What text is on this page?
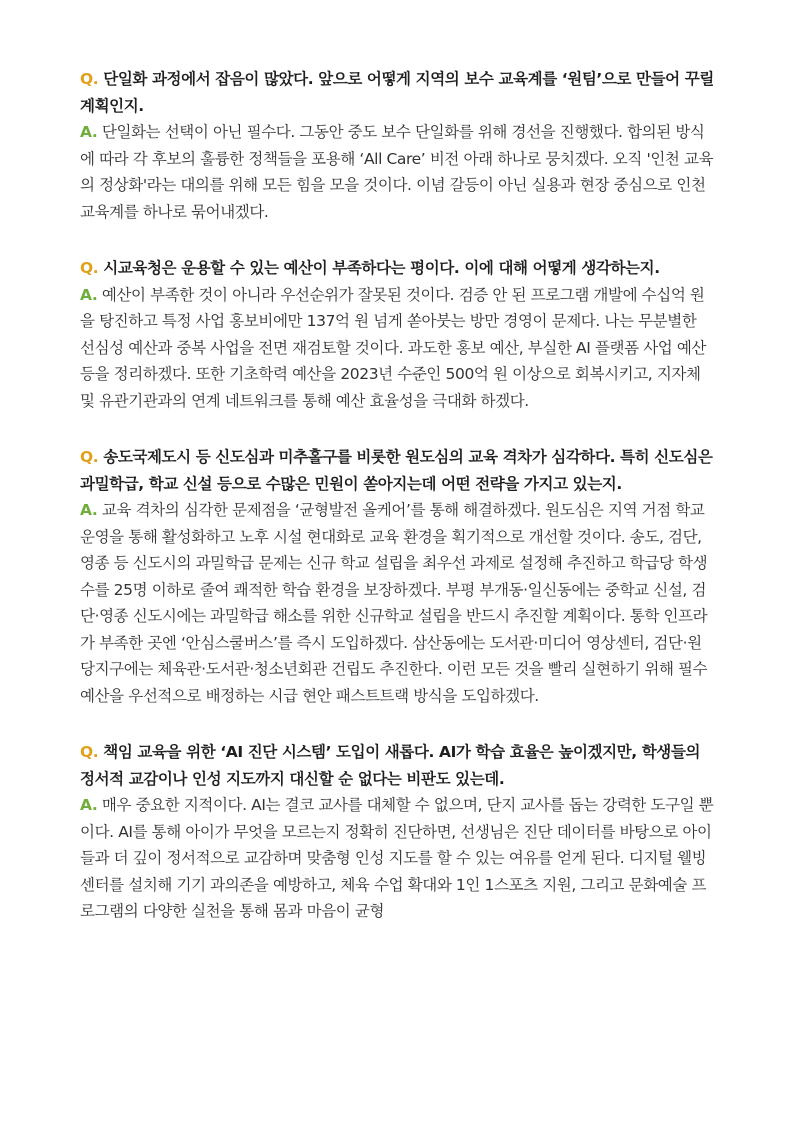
Q. 단일화 과정에서 잡음이 많았다. 앞으로 어떻게 지역의 보수 교육계를 ‘원팀’으로 만들어 꾸릴 계획인지.

A. 단일화는 선택이 아닌 필수다. 그동안 중도 보수 단일화를 위해 경선을 진행했다. 합의된 방식에 따라 각 후보의 훌륭한 정책들을 포용해 ‘All Care’ 비전 아래 하나로 뭉치겠다. 오직 '인천 교육의 정상화'라는 대의를 위해 모든 힘을 모을 것이다. 이념 갈등이 아닌 실용과 현장 중심으로 인천 교육계를 하나로 묶어내겠다.

Q. 시교육청은 운용할 수 있는 예산이 부족하다는 평이다. 이에 대해 어떻게 생각하는지.

A. 예산이 부족한 것이 아니라 우선순위가 잘못된 것이다. 검증 안 된 프로그램 개발에 수십억 원을 탕진하고 특정 사업 홍보비에만 137억 원 넘게 쏟아붓는 방만 경영이 문제다. 나는 무분별한 선심성 예산과 중복 사업을 전면 재검토할 것이다. 과도한 홍보 예산, 부실한 AI 플랫폼 사업 예산 등을 정리하겠다. 또한 기초학력 예산을 2023년 수준인 500억 원 이상으로 회복시키고, 지자체 및 유관기관과의 연계 네트워크를 통해 예산 효율성을 극대화 하겠다.

Q. 송도국제도시 등 신도심과 미추홀구를 비롯한 원도심의 교육 격차가 심각하다. 특히 신도심은 과밀학급, 학교 신설 등으로 수많은 민원이 쏟아지는데 어떤 전략을 가지고 있는지.

A. 교육 격차의 심각한 문제점을 ‘균형발전 올케어’를 통해 해결하겠다. 원도심은 지역 거점 학교 운영을 통해 활성화하고 노후 시설 현대화로 교육 환경을 획기적으로 개선할 것이다. 송도, 검단, 영종 등 신도시의 과밀학급 문제는 신규 학교 설립을 최우선 과제로 설정해 추진하고 학급당 학생 수를 25명 이하로 줄여 쾌적한 학습 환경을 보장하겠다. 부평 부개동·일신동에는 중학교 신설, 검단·영종 신도시에는 과밀학급 해소를 위한 신규학교 설립을 반드시 추진할 계획이다. 통학 인프라가 부족한 곳엔 ‘안심스쿨버스’를 즉시 도입하겠다. 삼산동에는 도서관·미디어 영상센터, 검단·원당지구에는 체육관·도서관·청소년회관 건립도 추진한다. 이런 모든 것을 빨리 실현하기 위해 필수 예산을 우선적으로 배정하는 시급 현안 패스트트랙 방식을 도입하겠다.

Q. 책임 교육을 위한 ‘AI 진단 시스템’ 도입이 새롭다. AI가 학습 효율은 높이겠지만, 학생들의 정서적 교감이나 인성 지도까지 대신할 순 없다는 비판도 있는데.

A. 매우 중요한 지적이다. AI는 결코 교사를 대체할 수 없으며, 단지 교사를 돕는 강력한 도구일 뿐이다. AI를 통해 아이가 무엇을 모르는지 정확히 진단하면, 선생님은 진단 데이터를 바탕으로 아이들과 더 깊이 정서적으로 교감하며 맞춤형 인성 지도를 할 수 있는 여유를 얻게 된다. 디지털 웰빙 센터를 설치해 기기 과의존을 예방하고, 체육 수업 확대와 1인 1스포츠 지원, 그리고 문화예술 프로그램의 다양한 실천을 통해 몸과 마음이 균형
